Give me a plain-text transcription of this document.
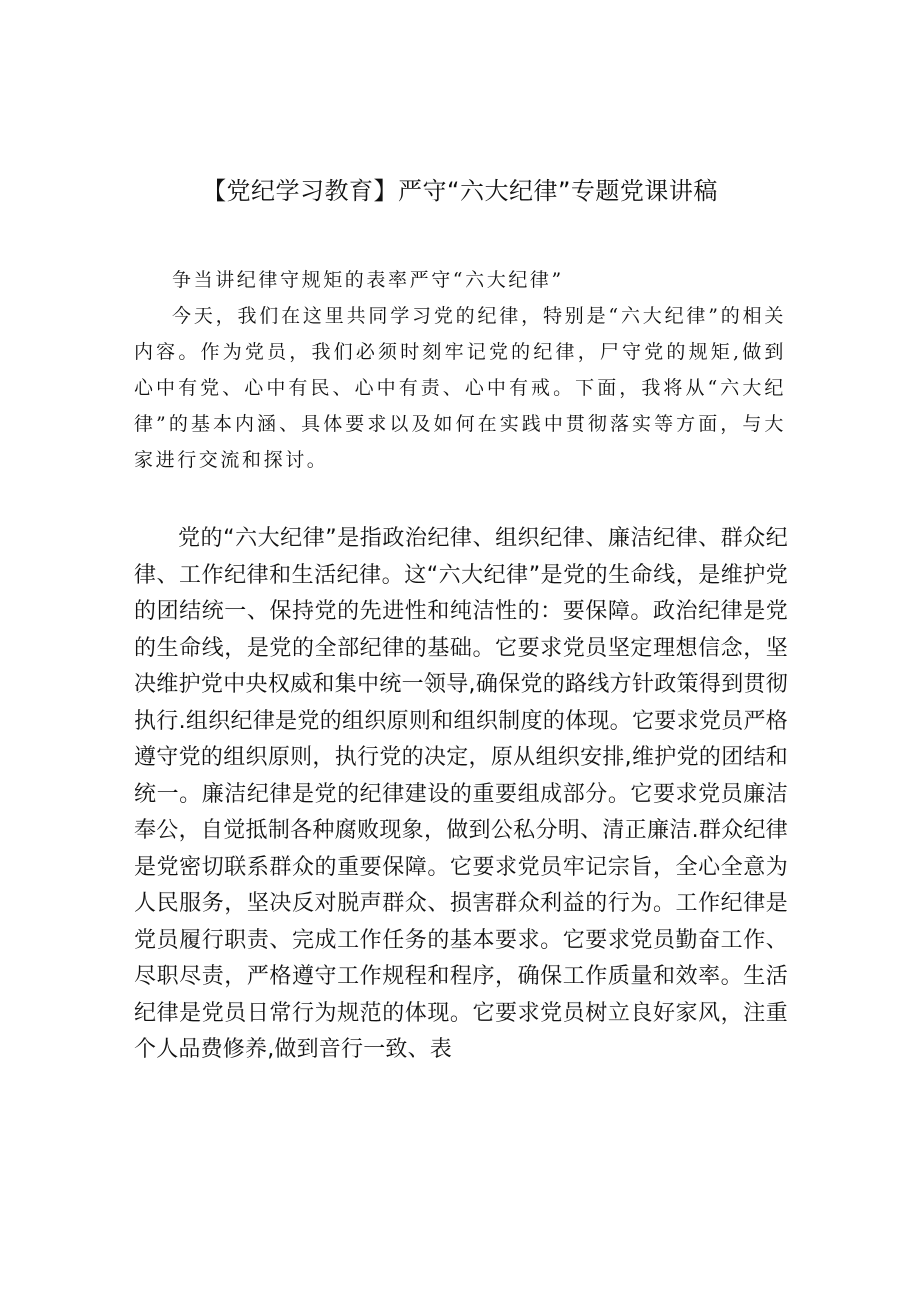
【党纪学习教育】严守“六大纪律”专题党课讲稿

争当讲纪律守规矩的表率严守“六大纪律”

今天，我们在这里共同学习党的纪律，特别是“六大纪律”的相关内容。作为党员，我们必须时刻牢记党的纪律，尸守党的规矩,做到心中有党、心中有民、心中有责、心中有戒。下面，我将从“六大纪律”的基本内涵、具体要求以及如何在实践中贯彻落实等方面，与大家进行交流和探讨。

党的“六大纪律”是指政治纪律、组织纪律、廉洁纪律、群众纪律、工作纪律和生活纪律。这“六大纪律”是党的生命线，是维护党的团结统一、保持党的先进性和纯洁性的：要保障。政治纪律是党的生命线，是党的全部纪律的基础。它要求党员坚定理想信念，坚决维护党中央权威和集中统一领导,确保党的路线方针政策得到贯彻执行.组织纪律是党的组织原则和组织制度的体现。它要求党员严格遵守党的组织原则，执行党的决定，原从组织安排,维护党的团结和统一。廉洁纪律是党的纪律建设的重要组成部分。它要求党员廉洁奉公，自觉抵制各种腐败现象，做到公私分明、清正廉洁.群众纪律是党密切联系群众的重要保障。它要求党员牢记宗旨，全心全意为人民服务，坚决反对脱声群众、损害群众利益的行为。工作纪律是党员履行职责、完成工作任务的基本要求。它要求党员勤奋工作、尽职尽责，严格遵守工作规程和程序，确保工作质量和效率。生活纪律是党员日常行为规范的体现。它要求党员树立良好家风，注重个人品费修养,做到音行一致、表
